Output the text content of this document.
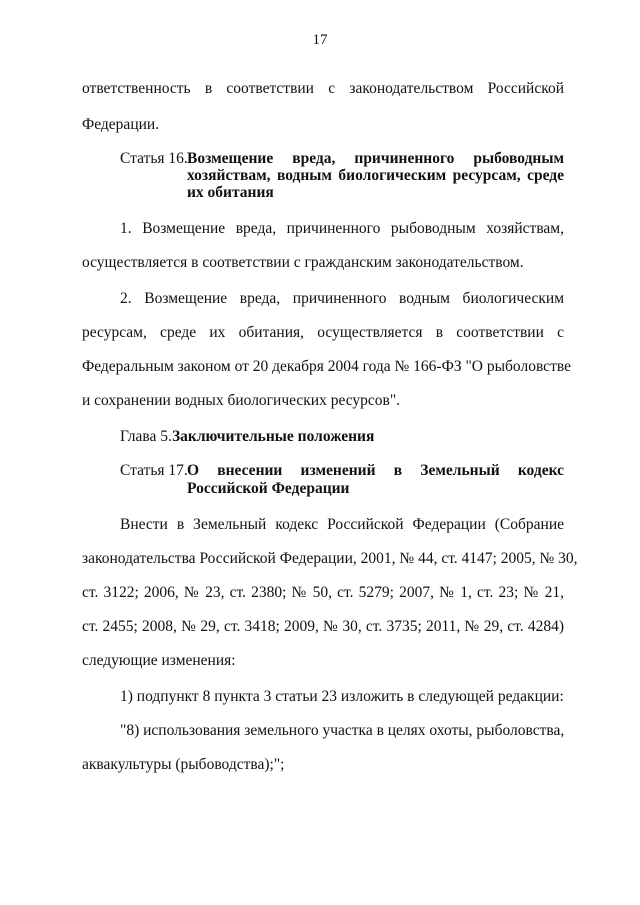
17
ответственность в соответствии с законодательством Российской
Федерации.
Статья 16. Возмещение вреда, причиненного рыбоводным
хозяйствам, водным биологическим ресурсам, среде
их обитания
1. Возмещение вреда, причиненного рыбоводным хозяйствам,
осуществляется в соответствии с гражданским законодательством.
2. Возмещение вреда, причиненного водным биологическим
ресурсам, среде их обитания, осуществляется в соответствии с
Федеральным законом от 20 декабря 2004 года № 166-ФЗ "О рыболовстве
и сохранении водных биологических ресурсов".
Глава 5. Заключительные положения
Статья 17. О внесении изменений в Земельный кодекс
Российской Федерации
Внести в Земельный кодекс Российской Федерации (Собрание
законодательства Российской Федерации, 2001, № 44, ст. 4147; 2005, № 30,
ст. 3122; 2006, № 23, ст. 2380; № 50, ст. 5279; 2007, № 1, ст. 23; № 21,
ст. 2455; 2008, № 29, ст. 3418; 2009, № 30, ст. 3735; 2011, № 29, ст. 4284)
следующие изменения:
1) подпункт 8 пункта 3 статьи 23 изложить в следующей редакции:
"8) использования земельного участка в целях охоты, рыболовства,
аквакультуры (рыбоводства);";
